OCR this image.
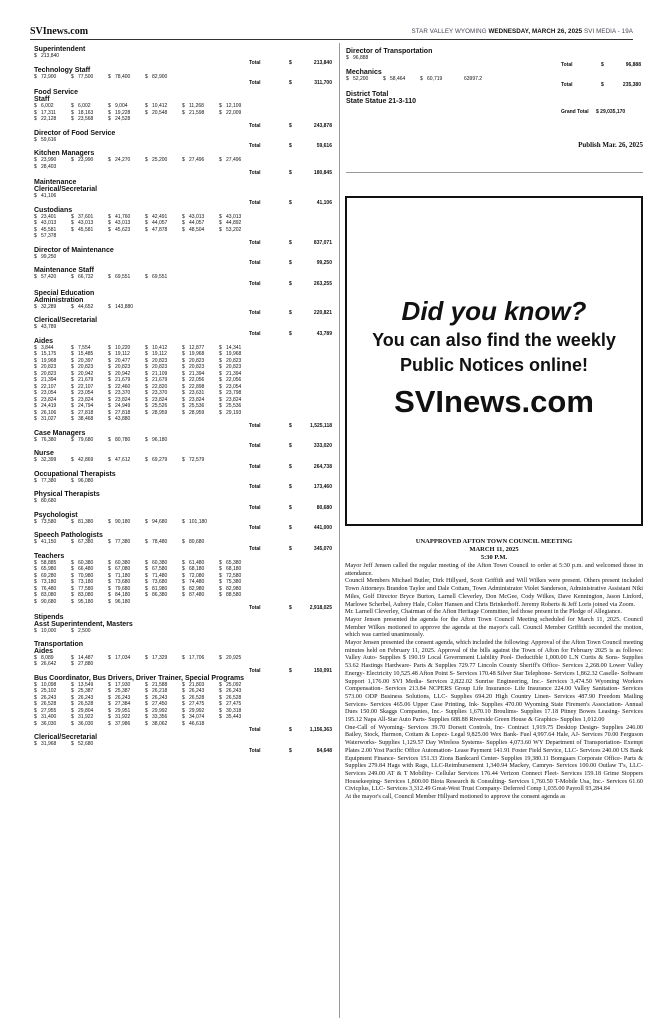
SVInews.com	STAR VALLEY WYOMING WEDNESDAY, MARCH 26, 2025 SVI MEDIA - 19A
Superintendent
$ 213,840
Total	$	213,840
Technology Staff
$ 72,900	$ 77,500	$ 78,400	$ 82,900
Total	$	311,700
Food Service
Staff
$ 6,002	$ 6,002	$ 9,004	$ 10,412	$ 11,268	$ 12,109
$ 17,311	$ 18,163	$ 19,228	$ 20,548	$ 21,598	$ 22,009
$ 22,128	$ 23,568	$ 24,528
Total	$	243,878
Director of Food Service
$ 59,616
Total	$	59,616
Kitchen Managers
$ 23,990	$ 23,990	$ 24,270	$ 25,200	$ 27,496	$ 27,496
$ 28,403
Total	$	180,845
Maintenance
Clerical/Secretarial
$ 41,106
Total	$	41,106
Custodians
$ 23,401	$ 37,601	$ 41,760	$ 42,491	$ 43,013	$ 43,013
$ 43,013	$ 43,013	$ 43,013	$ 44,057	$ 44,057	$ 44,892
$ 45,581	$ 45,581	$ 45,623	$ 47,878	$ 48,504	$ 53,202
$ 57,378
Total	$	837,071
Director of Maintenance
$ 99,250
Total	$	99,250
Maintenance Staff
$ 57,420	$ 66,732	$ 69,551	$ 69,551
Total	$	263,255
Special Education
Administration
$ 32,289	$ 44,652	$ 143,880
Total	$	220,821
Clerical/Secretarial
$ 43,789
Total	$	43,789
Aides
$ 3,844	$ 7,554	$ 10,220	$ 10,412	$ 12,877	$ 14,341
$ 15,175	$ 15,485	$ 19,112	$ 19,112	$ 19,968	$ 19,968
$ 19,968	$ 20,397	$ 20,477	$ 20,823	$ 20,823	$ 20,823
$ 20,823	$ 20,823	$ 20,823	$ 20,823	$ 20,823	$ 20,823
$ 20,823	$ 20,942	$ 20,942	$ 21,109	$ 21,394	$ 21,394
$ 21,394	$ 21,679	$ 21,679	$ 21,679	$ 22,056	$ 22,056
$ 22,107	$ 22,107	$ 22,460	$ 22,820	$ 22,898	$ 23,054
$ 23,054	$ 23,054	$ 23,370	$ 23,370	$ 23,631	$ 23,798
$ 23,824	$ 23,824	$ 23,824	$ 23,824	$ 23,824	$ 23,824
$ 24,419	$ 24,794	$ 24,949	$ 25,526	$ 25,536	$ 25,536
$ 26,106	$ 27,818	$ 27,818	$ 28,959	$ 28,959	$ 29,193
$ 31,027	$ 38,468	$ 43,880
Total	$	1,525,118
Case Managers
$ 76,380	$ 79,680	$ 80,780	$ 96,180
Total	$	333,020
Nurse
$ 32,399	$ 42,869	$ 47,612	$ 69,279	$ 72,579
Total	$	264,738
Occupational Therapists
$ 77,380	$ 96,080
Total	$	173,460
Physical Therapists
$ 80,680
Total	$	80,680
Psychologist
$ 73,580	$ 81,380	$ 90,180	$ 94,680	$ 101,180
Total	$	441,000
Speech Pathologists
$ 41,150	$ 67,380	$ 77,380	$ 78,480	$ 80,680
Total	$	345,070
Teachers
$ 58,885	$ 60,380	$ 60,380	$ 60,380	$ 61,480	$ 65,380
$ 65,980	$ 66,480	$ 67,080	$ 67,580	$ 68,180	$ 68,180
$ 69,280	$ 70,980	$ 71,180	$ 71,480	$ 72,080	$ 72,580
$ 73,180	$ 73,180	$ 73,680	$ 73,680	$ 74,480	$ 75,380
$ 76,480	$ 77,580	$ 79,680	$ 81,980	$ 82,980	$ 82,980
$ 83,080	$ 83,080	$ 84,180	$ 86,380	$ 87,480	$ 88,580
$ 90,680	$ 95,180	$ 96,180
Total	$	2,918,025
Stipends
Asst Superintendent, Masters
$ 10,000	$ 2,500
Transportation
Aides
$ 8,089	$ 14,487	$ 17,034	$ 17,329	$ 17,706	$ 20,925
$ 26,642	$ 27,880
Total	$	150,091
Bus Coordinator, Bus Drivers, Driver Trainer, Special Programs
$ 10,098	$ 13,549	$ 17,930	$ 21,588	$ 21,803	$ 25,092
$ 25,102	$ 25,387	$ 25,387	$ 26,218	$ 26,243	$ 26,243
$ 26,243	$ 26,243	$ 26,243	$ 26,243	$ 26,528	$ 26,528
$ 26,528	$ 26,528	$ 27,384	$ 27,450	$ 27,475	$ 27,475
$ 27,955	$ 29,804	$ 29,951	$ 29,992	$ 29,992	$ 30,318
$ 31,400	$ 31,922	$ 31,922	$ 33,356	$ 34,074	$ 35,443
$ 36,030	$ 36,030	$ 37,986	$ 38,062	$ 46,618
Total	$	1,156,363
Clerical/Secretarial
$ 31,968	$ 52,680
Total	$	84,648
Director of Transportation
$ 96,888
Total	$	96,888
Mechanics
$ 52,200	$ 58,464	$ 60,719	63997.2
Total	$	235,380
District Total
State Statue 21-3-110
Grand Total $ 29,035,170
Publish Mar. 26, 2025
Did you know?
You can also find the weekly
Public Notices online!
SVInews.com
UNAPPROVED AFTON TOWN COUNCIL MEETING
MARCH 11, 2025
5:30 P.M.

Mayor Jeff Jensen called the regular meeting of the Afton Town Council to order at 5:30 p.m. and welcomed those in attendance.

Council Members Michael Butler, Dirk Hillyard, Scott Griffith and Will Wilkes were present. Others present included Town Attorneys Brandon Taylor and Dale Cottam, Town Administrator Violet Sanderson, Administrative Assistant Niki Miles, Golf Director Bryce Burton, Larnell Cleverley, Don McGee, Cody Wilkes, Dave Kennington, Jason Linford, Marlowe Scherbel, Aubrey Hale, Colter Hansen and Chris Brinkerhoff. Jeremy Roberts & Jeff Loris joined via Zoom.

Mr. Larnell Cleverley, Chairman of the Afton Heritage Committee, led those present in the Pledge of Allegiance.

Mayor Jensen presented the agenda for the Afton Town Council Meeting scheduled for March 11, 2025. Council Member Wilkes motioned to approve the agenda at the mayor's call. Council Member Griffith seconded the motion, which was carried unanimously.

Mayor Jensen presented the consent agenda, which included the following: Approval of the Afton Town Council meeting minutes held on February 11, 2025. Approval of the bills against the Town of Afton for February 2025 is as follows: Valley Auto- Supplies $ 190.19 Local Government Liability Pool- Deductible 1,000.00 L.N Curtis & Sons- Supplies 53.62 Hastings Hardware- Parts & Supplies 729.77 Lincoln County Sheriff's Office- Services 2,268.00 Lower Valley Energy- Electricity 10,525.48 Afton Point S- Services 170.48 Silver Star Telephone- Services 1,862.32 Caselle- Software Support 1,176.00 SVI Media- Services 2,822.02 Sunrise Engineering, Inc.- Services 3,474.50 Wyoming Workers Compensation- Services 213.84 NCPERS Group Life Insurance- Life Insurance 224.00 Valley Sanitation- Services 573.00 ODP Business Solutions, LLC- Supplies 694.20 High Country Linen- Services 487.90 Freedom Mailing Services- Services 465.06 Upper Case Printing, Ink- Supplies 470.00 Wyoming State Firemen's Association- Annual Dues 150.00 Skaggs Companies, Inc.- Supplies 1,670.10 Broulims- Supplies 17.18 Pitney Bowes Leasing- Services 195.12 Napa All-Star Auto Parts- Supplies 688.88 Riverside Green House & Graphics- Supplies 1,012.00

One-Call of Wyoming- Services 39.70 Dorsett Controls, Inc- Contract 1,919.75 Desktop Design- Supplies 246.00 Bailey, Stock, Harmon, Cottam & Lopez- Legal 9,825.00 Wex Bank- Fuel 4,997.64 Hale, AJ- Services 70.00 Ferguson Waterworks- Supplies 1,129.57 Day Wireless Systems- Supplies 4,073.60 WY Department of Transportation- Exempt Plates 2.00 Yost Pacific Office Automation- Lease Payment 141.91 Foster Field Service, LLC- Services 240.00 US Bank Equipment Finance- Services 151.33 Zions Bankcard Center- Supplies 19,380.11 Bomgaars Corporate Office- Parts & Supplies 279.84 Hags with Rags, LLC-Reimbursement 1,340.94 Mackey, Camryn- Services 100.00 Outlaw T's, LLC- Services 249.00 AT & T Mobility- Cellular Services 176.44 Verizon Connect Fleet- Services 159.18 Grime Stoppers Housekeeping- Services 1,800.00 Biota Research & Consulting- Services 1,760.50 T-Mobile Usa, Inc.- Services 61.60 Civicplus, LLC- Services 3,312.49 Great-West Trust Company- Deferred Comp 1,035.00 Payroll 93,284.84

At the mayor's call, Council Member Hillyard motioned to approve the consent agenda as
